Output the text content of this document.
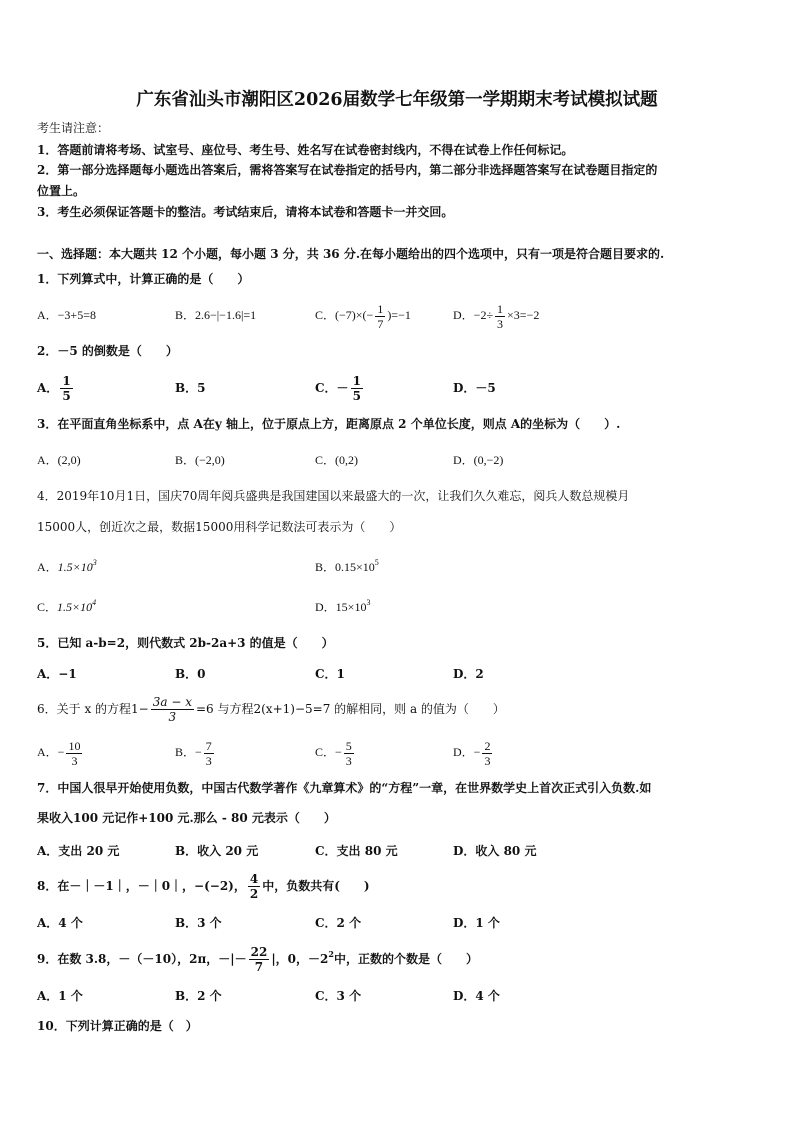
广东省汕头市潮阳区2026届数学七年级第一学期期末考试模拟试题
考生请注意：
1．答题前请将考场、试室号、座位号、考生号、姓名写在试卷密封线内，不得在试卷上作任何标记。
2．第一部分选择题每小题选出答案后，需将答案写在试卷指定的括号内，第二部分非选择题答案写在试卷题目指定的
位置上。
3．考生必须保证答题卡的整洁。考试结束后，请将本试卷和答题卡一并交回。
一、选择题：本大题共 12 个小题，每小题 3 分，共 36 分.在每小题给出的四个选项中，只有一项是符合题目要求的.
1．下列算式中，计算正确的是（　　）
A．−3+5=8	B．2.6−|−1.6|=1	C．$(-7)\times(- \frac{1}{7} )=-1$	D．$-2\div \frac{1}{3} \times 3=-2$
2．－5 的倒数是（　　）
A． $\frac{1}{5}$	B．5	C．－ $\frac{1}{5}$	D．－5
3．在平面直角坐标系中，点 A在y 轴上，位于原点上方，距离原点 2 个单位长度，则点 A的坐标为（　　）.
A．(2,0)	B．(−2,0)	C．(0,2)	D．(0,−2)
4．2019年10月1日，国庆70周年阅兵盛典是我国建国以来最盛大的一次，让我们久久难忘，阅兵人数总规模月
15000人，创近次之最，数据15000用科学记数法可表示为（　　）
A．$1.5\times 10^3$	B．$0.15\times 10^5$
C．$1.5\times 10^4$	D．$15\times 10^3$
5．已知 a-b=2，则代数式 2b-2a+3 的值是（　　）
A．−1	B．0	C．1	D．2
6．关于 x 的方程$1- \frac{3a - x}{3} =6$ 与方程2(x+1)−5=7 的解相同，则 a 的值为（　　）
A．− $\frac{10}{3}$	B．− $\frac{7}{3}$	C．− $\frac{5}{3}$	D．− $\frac{2}{3}$
7．中国人很早开始使用负数，中国古代数学著作《九章算术》的“方程”一章，在世界数学史上首次正式引入负数.如
果收入100 元记作+100 元.那么 - 80 元表示（　　）
A．支出 20 元	B．收入 20 元	C．支出 80 元	D．收入 80 元
8．在－｜－1｜，－｜0｜，−(−2)， $\frac{4}{2}$ 中，负数共有(　　)
A．4 个	B．3 个	C．2 个	D．1 个
9．在数 3.8，－（－10），2π，－|－ $\frac{22}{7}$ |，0，$-2^2$中，正数的个数是（　　）
A．1 个	B．2 个	C．3 个	D．4 个
10．下列计算正确的是（　）
